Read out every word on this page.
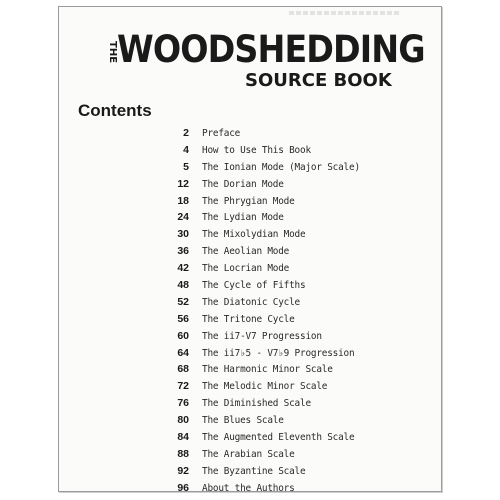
THE WOODSHEDDING
SOURCE BOOK
Contents
2 Preface
4 How to Use This Book
5 The Ionian Mode (Major Scale)
12 The Dorian Mode
18 The Phrygian Mode
24 The Lydian Mode
30 The Mixolydian Mode
36 The Aeolian Mode
42 The Locrian Mode
48 The Cycle of Fifths
52 The Diatonic Cycle
56 The Tritone Cycle
60 The ii7-V7 Progression
64 The ii7♭5 - V7♭9 Progression
68 The Harmonic Minor Scale
72 The Melodic Minor Scale
76 The Diminished Scale
80 The Blues Scale
84 The Augmented Eleventh Scale
88 The Arabian Scale
92 The Byzantine Scale
96 About the Authors
